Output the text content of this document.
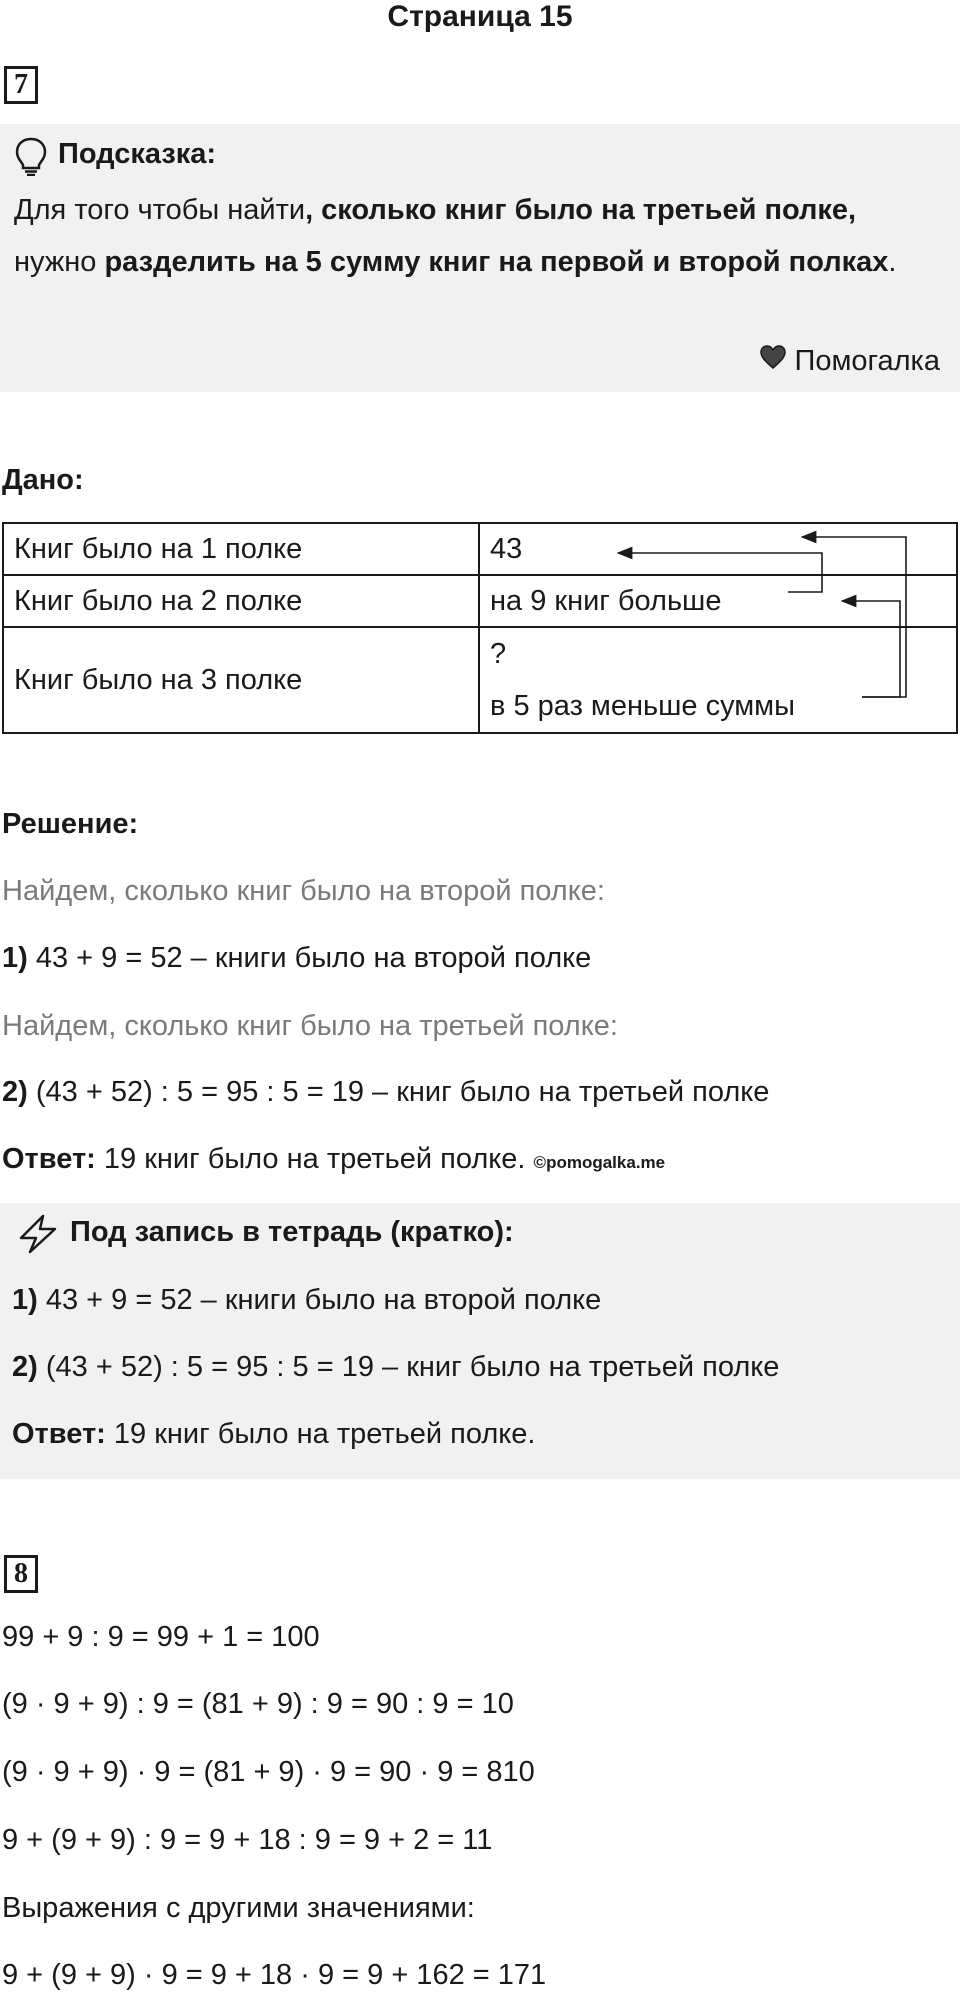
Страница 15
7
Подсказка:
Для того чтобы найти, сколько книг было на третьей полке, нужно разделить на 5 сумму книг на первой и второй полках.
Помогалка
Дано:
Книг было на 1 полке	43
Книг было на 2 полке	на 9 книг больше
Книг было на 3 полке	?
в 5 раз меньше суммы
Решение:
Найдем, сколько книг было на второй полке:
1) 43 + 9 = 52 – книги было на второй полке
Найдем, сколько книг было на третьей полке:
2) (43 + 52) : 5 = 95 : 5 = 19 – книг было на третьей полке
Ответ: 19 книг было на третьей полке. ©pomogalka.me
Под запись в тетрадь (кратко):
1) 43 + 9 = 52 – книги было на второй полке
2) (43 + 52) : 5 = 95 : 5 = 19 – книг было на третьей полке
Ответ: 19 книг было на третьей полке.
8
99 + 9 : 9 = 99 + 1 = 100
(9 · 9 + 9) : 9 = (81 + 9) : 9 = 90 : 9 = 10
(9 · 9 + 9) · 9 = (81 + 9) · 9 = 90 · 9 = 810
9 + (9 + 9) : 9 = 9 + 18 : 9 = 9 + 2 = 11
Выражения с другими значениями:
9 + (9 + 9) · 9 = 9 + 18 · 9 = 9 + 162 = 171
